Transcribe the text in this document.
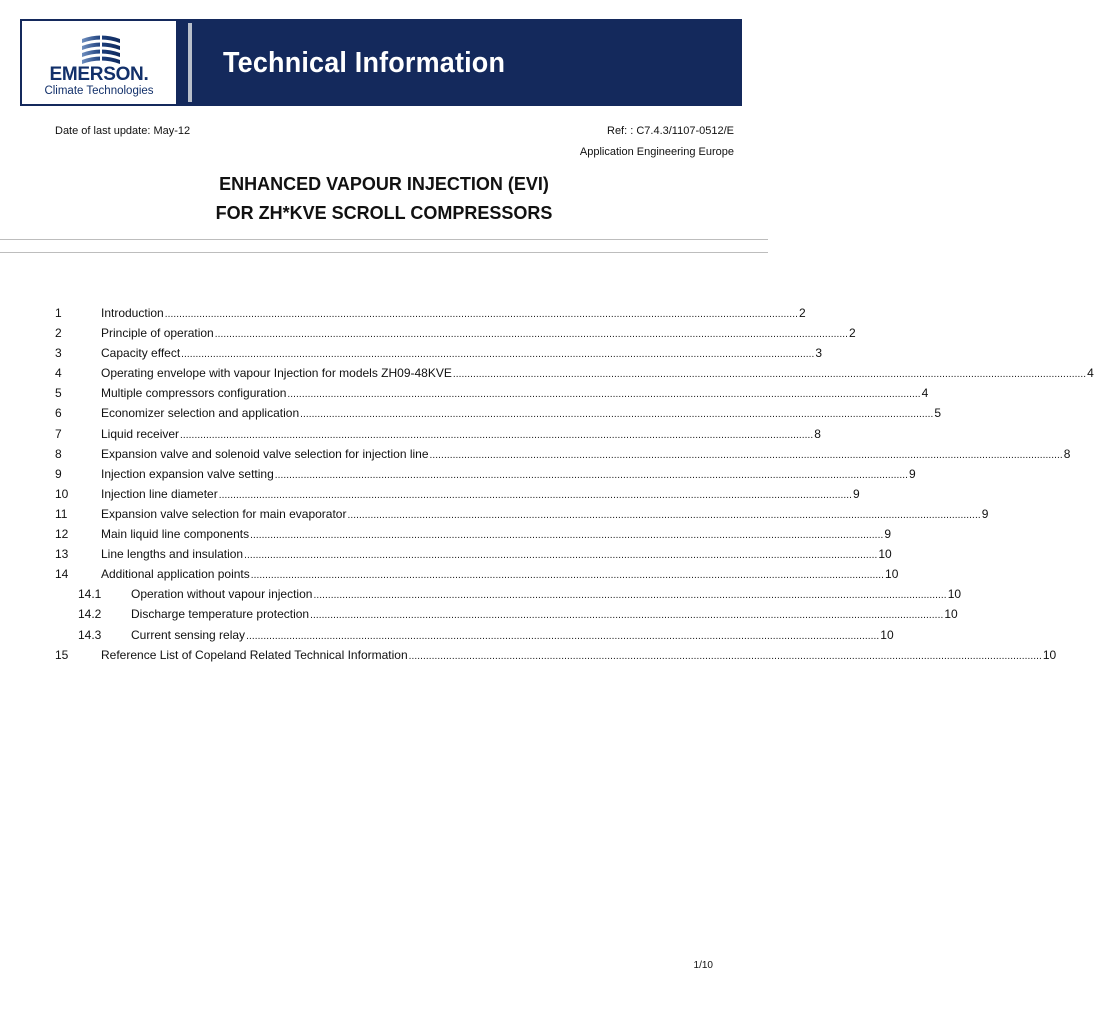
EMERSON.
Climate Technologies
Technical Information
Date of last update: May-12	Ref: : C7.4.3/1107-0512/E
Application Engineering Europe
ENHANCED VAPOUR INJECTION (EVI)
FOR ZH*KVE SCROLL COMPRESSORS
1	Introduction ............................................................................................................................................................................................................................ 2
2	Principle of operation ............................................................................................................................................................................................................................ 2
3	Capacity effect ............................................................................................................................................................................................................................ 3
4	Operating envelope with vapour Injection for models ZH09-48KVE ............................................................................................................................................................................................................................ 4
5	Multiple compressors configuration ............................................................................................................................................................................................................................ 4
6	Economizer selection and application ............................................................................................................................................................................................................................ 5
7	Liquid receiver ............................................................................................................................................................................................................................ 8
8	Expansion valve and solenoid valve selection for injection line ............................................................................................................................................................................................................................ 8
9	Injection expansion valve setting ............................................................................................................................................................................................................................ 9
10	Injection line diameter ............................................................................................................................................................................................................................ 9
11	Expansion valve selection for main evaporator ............................................................................................................................................................................................................................ 9
12	Main liquid line components ............................................................................................................................................................................................................................ 9
13	Line lengths and insulation ............................................................................................................................................................................................................................ 10
14	Additional application points ............................................................................................................................................................................................................................ 10
14.1 Operation without vapour injection ............................................................................................................................................................................................................................ 10
14.2 Discharge temperature protection ............................................................................................................................................................................................................................ 10
14.3 Current sensing relay ............................................................................................................................................................................................................................ 10
15	Reference List of Copeland Related Technical Information ............................................................................................................................................................................................................................ 10
1/10
